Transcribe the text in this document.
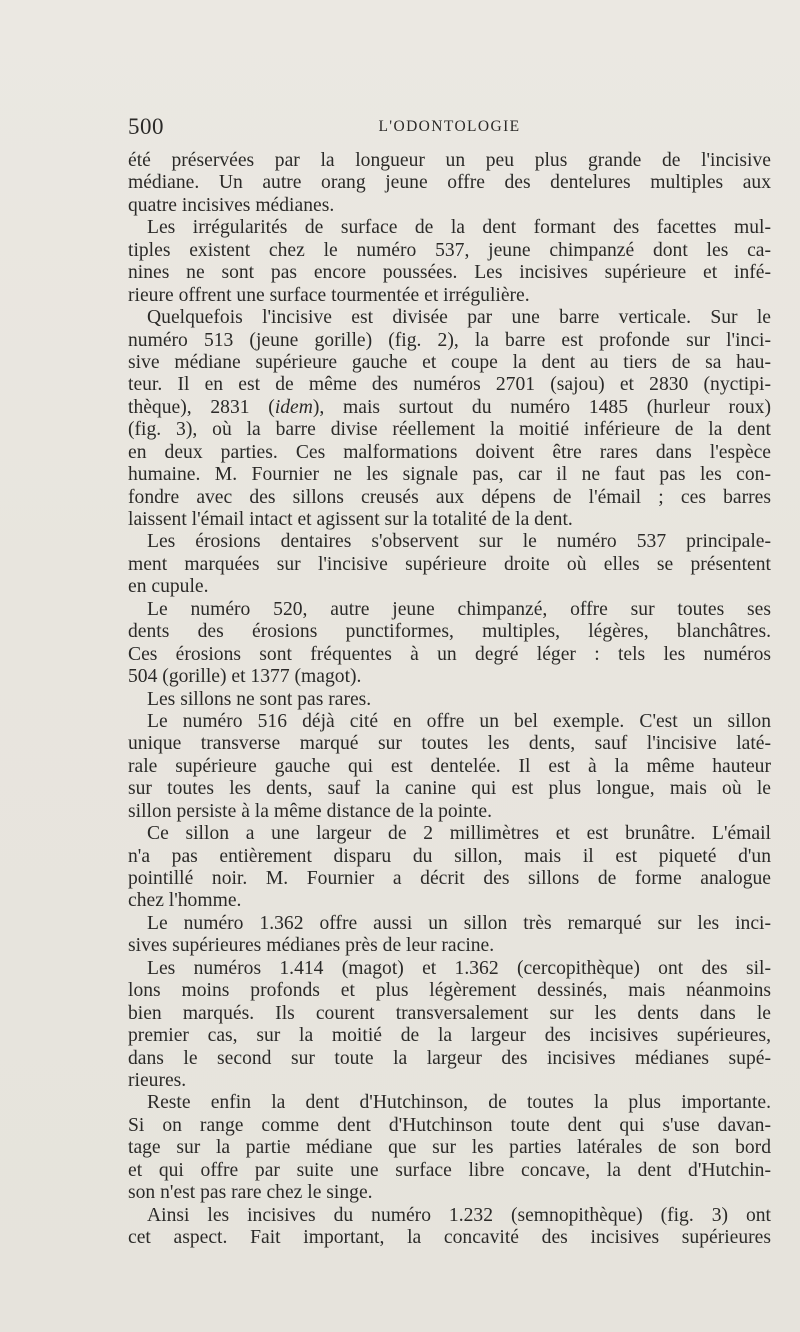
500	L'ODONTOLOGIE
été préservées par la longueur un peu plus grande de l'incisive
médiane. Un autre orang jeune offre des dentelures multiples aux
quatre incisives médianes.
Les irrégularités de surface de la dent formant des facettes mul-
tiples existent chez le numéro 537, jeune chimpanzé dont les ca-
nines ne sont pas encore poussées. Les incisives supérieure et infé-
rieure offrent une surface tourmentée et irrégulière.
Quelquefois l'incisive est divisée par une barre verticale. Sur le
numéro 513 (jeune gorille) (fig. 2), la barre est profonde sur l'inci-
sive médiane supérieure gauche et coupe la dent au tiers de sa hau-
teur. Il en est de même des numéros 2701 (sajou) et 2830 (nyctipi-
thèque), 2831 (idem), mais surtout du numéro 1485 (hurleur roux)
(fig. 3), où la barre divise réellement la moitié inférieure de la dent
en deux parties. Ces malformations doivent être rares dans l'espèce
humaine. M. Fournier ne les signale pas, car il ne faut pas les con-
fondre avec des sillons creusés aux dépens de l'émail ; ces barres
laissent l'émail intact et agissent sur la totalité de la dent.
Les érosions dentaires s'observent sur le numéro 537 principale-
ment marquées sur l'incisive supérieure droite où elles se présentent
en cupule.
Le numéro 520, autre jeune chimpanzé, offre sur toutes ses
dents des érosions punctiformes, multiples, légères, blanchâtres.
Ces érosions sont fréquentes à un degré léger : tels les numéros
504 (gorille) et 1377 (magot).
Les sillons ne sont pas rares.
Le numéro 516 déjà cité en offre un bel exemple. C'est un sillon
unique transverse marqué sur toutes les dents, sauf l'incisive laté-
rale supérieure gauche qui est dentelée. Il est à la même hauteur
sur toutes les dents, sauf la canine qui est plus longue, mais où le
sillon persiste à la même distance de la pointe.
Ce sillon a une largeur de 2 millimètres et est brunâtre. L'émail
n'a pas entièrement disparu du sillon, mais il est piqueté d'un
pointillé noir. M. Fournier a décrit des sillons de forme analogue
chez l'homme.
Le numéro 1.362 offre aussi un sillon très remarqué sur les inci-
sives supérieures médianes près de leur racine.
Les numéros 1.414 (magot) et 1.362 (cercopithèque) ont des sil-
lons moins profonds et plus légèrement dessinés, mais néanmoins
bien marqués. Ils courent transversalement sur les dents dans le
premier cas, sur la moitié de la largeur des incisives supérieures,
dans le second sur toute la largeur des incisives médianes supé-
rieures.
Reste enfin la dent d'Hutchinson, de toutes la plus importante.
Si on range comme dent d'Hutchinson toute dent qui s'use davan-
tage sur la partie médiane que sur les parties latérales de son bord
et qui offre par suite une surface libre concave, la dent d'Hutchin-
son n'est pas rare chez le singe.
Ainsi les incisives du numéro 1.232 (semnopithèque) (fig. 3) ont
cet aspect. Fait important, la concavité des incisives supérieures
